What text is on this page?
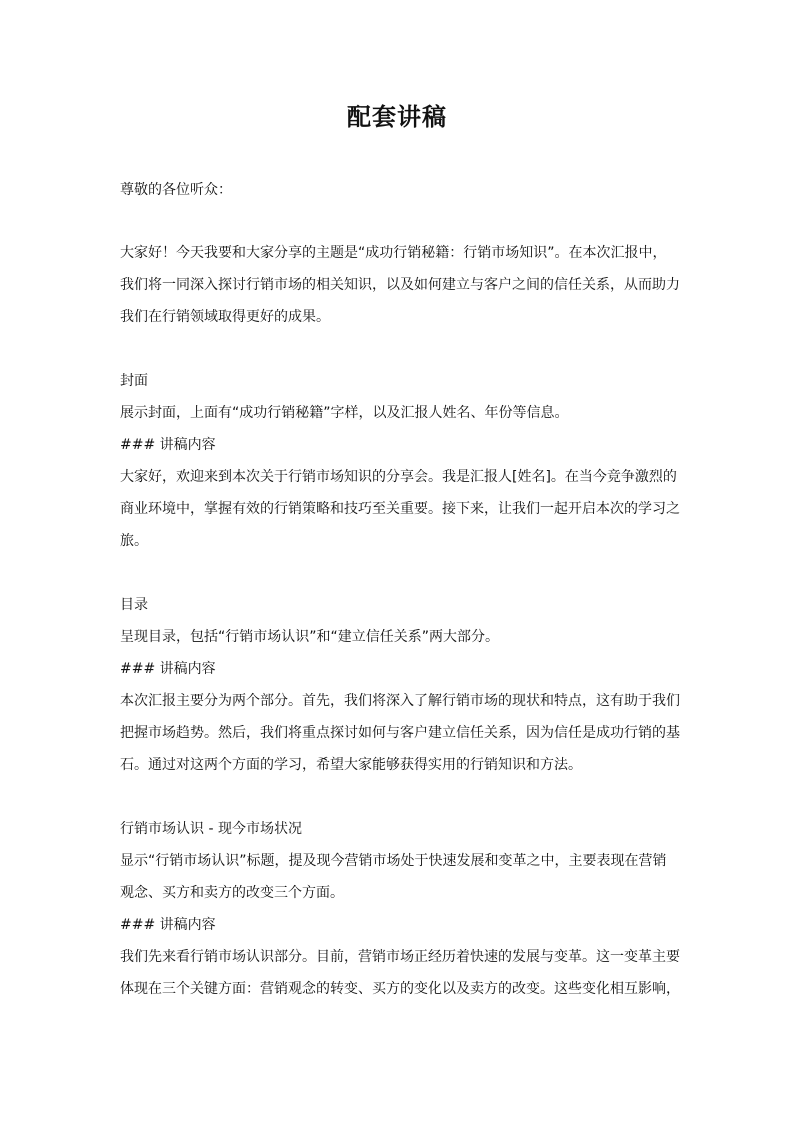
配套讲稿
尊敬的各位听众：
大家好！今天我要和大家分享的主题是“成功行销秘籍：行销市场知识”。在本次汇报中，
我们将一同深入探讨行销市场的相关知识，以及如何建立与客户之间的信任关系，从而助力
我们在行销领域取得更好的成果。
封面
展示封面，上面有“成功行销秘籍”字样，以及汇报人姓名、年份等信息。
### 讲稿内容
大家好，欢迎来到本次关于行销市场知识的分享会。我是汇报人[姓名]。在当今竞争激烈的
商业环境中，掌握有效的行销策略和技巧至关重要。接下来，让我们一起开启本次的学习之
旅。
目录
呈现目录，包括“行销市场认识”和“建立信任关系”两大部分。
### 讲稿内容
本次汇报主要分为两个部分。首先，我们将深入了解行销市场的现状和特点，这有助于我们
把握市场趋势。然后，我们将重点探讨如何与客户建立信任关系，因为信任是成功行销的基
石。通过对这两个方面的学习，希望大家能够获得实用的行销知识和方法。
行销市场认识 - 现今市场状况
显示“行销市场认识”标题，提及现今营销市场处于快速发展和变革之中，主要表现在营销
观念、买方和卖方的改变三个方面。
### 讲稿内容
我们先来看行销市场认识部分。目前，营销市场正经历着快速的发展与变革。这一变革主要
体现在三个关键方面：营销观念的转变、买方的变化以及卖方的改变。这些变化相互影响，
